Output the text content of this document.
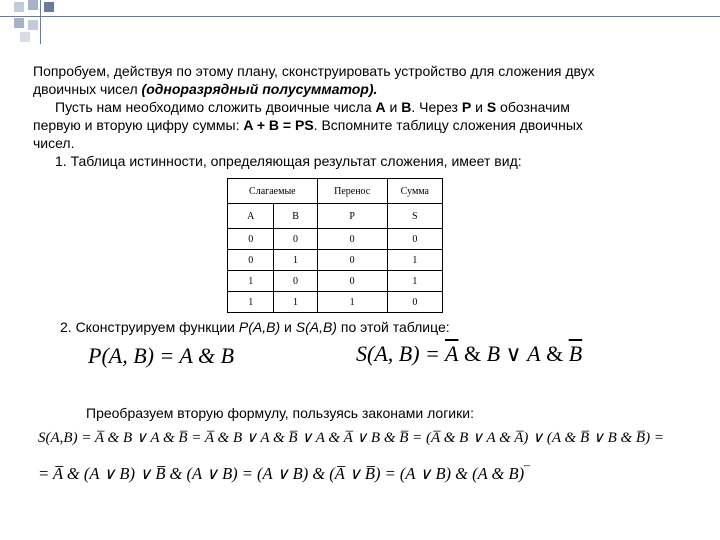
Попробуем, действуя по этому плану, сконструировать устройство для сложения двух
двоичных чисел (одноразрядный полусумматор).
Пусть нам необходимо сложить двоичные числа A и B. Через P и S обозначим
первую и вторую цифру суммы: A + B = PS. Вспомните таблицу сложения двоичных
чисел.
1. Таблица истинности, определяющая результат сложения, имеет вид:
Слагаемые		Перенос	Сумма
A	B	P	S
0	0	0	0
0	1	0	1
1	0	0	1
1	1	1	0
2. Сконструируем функции P(A,B) и S(A,B) по этой таблице:
P(A, B) = A & B	S(A, $B) = \overline{A}$ & B ∨ A & $\overline{B}$
Преобразуем вторую формулу, пользуясь законами логики:
S(A,B) = A̅ & B ∨ A & B̅ = A̅ & B ∨ A & B̅ ∨ A & A̅ ∨ B & B̅ = (A̅ & B ∨ A & A̅) ∨ (A & B̅ ∨ B & B̅) =
= A̅ & (A ∨ B) ∨ B̅ & (A ∨ B) = (A ∨ B) & (A̅ ∨ B̅) = (A ∨ B) & (A & B)‾
